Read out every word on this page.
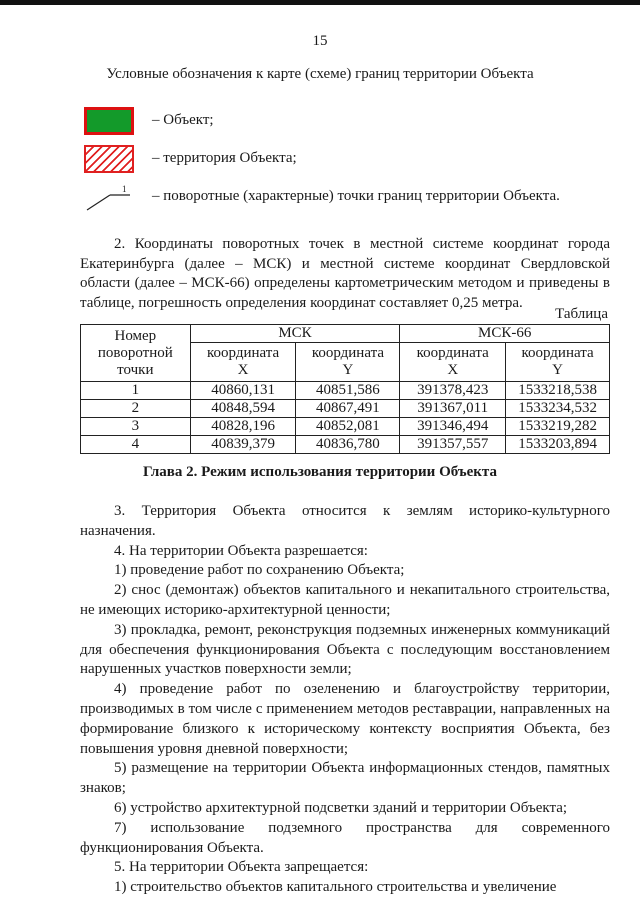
15
Условные обозначения к карте (схеме) границ территории Объекта
– Объект;
– территория Объекта;
1 – поворотные (характерные) точки границ территории Объекта.
2. Координаты поворотных точек в местной системе координат города Екатеринбурга (далее – МСК) и местной системе координат Свердловской области (далее – МСК-66) определены картометрическим методом и приведены в таблице, погрешность определения координат составляет 0,25 метра.
Таблица
Номер поворотной точки	МСК		МСК-66	
	координата X	координата Y	координата X	координата Y
1	40860,131	40851,586	391378,423	1533218,538
2	40848,594	40867,491	391367,011	1533234,532
3	40828,196	40852,081	391346,494	1533219,282
4	40839,379	40836,780	391357,557	1533203,894
Глава 2. Режим использования территории Объекта

3. Территория Объекта относится к землям историко-культурного назначения.

4. На территории Объекта разрешается:

1) проведение работ по сохранению Объекта;

2) снос (демонтаж) объектов капитального и некапитального строительства, не имеющих историко-архитектурной ценности;

3) прокладка, ремонт, реконструкция подземных инженерных коммуникаций для обеспечения функционирования Объекта с последующим восстановлением нарушенных участков поверхности земли;

4) проведение работ по озеленению и благоустройству территории, производимых в том числе с применением методов реставрации, направленных на формирование близкого к историческому контексту восприятия Объекта, без повышения уровня дневной поверхности;

5) размещение на территории Объекта информационных стендов, памятных знаков;

6) устройство архитектурной подсветки зданий и территории Объекта;

7) использование подземного пространства для современного функционирования Объекта.

5. На территории Объекта запрещается:

1) строительство объектов капитального строительства и увеличение
